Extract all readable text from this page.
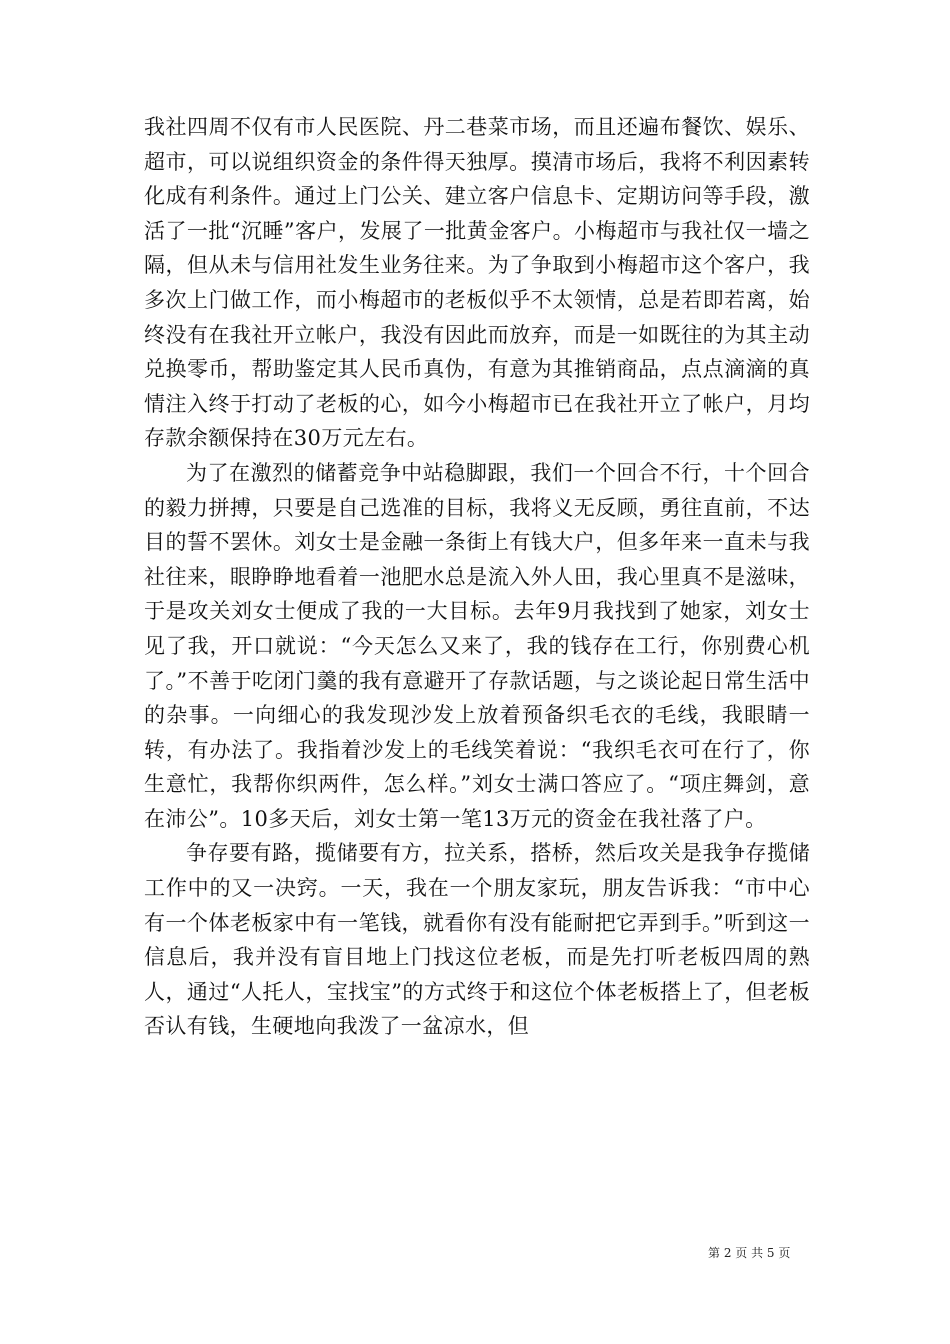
我社四周不仅有市人民医院、丹二巷菜市场，而且还遍布餐饮、娱乐、超市，可以说组织资金的条件得天独厚。摸清市场后，我将不利因素转化成有利条件。通过上门公关、建立客户信息卡、定期访问等手段，激活了一批“沉睡”客户，发展了一批黄金客户。小梅超市与我社仅一墙之隔，但从未与信用社发生业务往来。为了争取到小梅超市这个客户，我多次上门做工作，而小梅超市的老板似乎不太领情，总是若即若离，始终没有在我社开立帐户，我没有因此而放弃，而是一如既往的为其主动兑换零币，帮助鉴定其人民币真伪，有意为其推销商品，点点滴滴的真情注入终于打动了老板的心，如今小梅超市已在我社开立了帐户，月均存款余额保持在30万元左右。

为了在激烈的储蓄竞争中站稳脚跟，我们一个回合不行，十个回合的毅力拼搏，只要是自己选准的目标，我将义无反顾，勇往直前，不达目的誓不罢休。刘女士是金融一条街上有钱大户，但多年来一直未与我社往来，眼睁睁地看着一池肥水总是流入外人田，我心里真不是滋味，于是攻关刘女士便成了我的一大目标。去年9月我找到了她家，刘女士见了我，开口就说：“今天怎么又来了，我的钱存在工行，你别费心机了。”不善于吃闭门羹的我有意避开了存款话题，与之谈论起日常生活中的杂事。一向细心的我发现沙发上放着预备织毛衣的毛线，我眼睛一转，有办法了。我指着沙发上的毛线笑着说：“我织毛衣可在行了，你生意忙，我帮你织两件，怎么样。”刘女士满口答应了。“项庄舞剑，意在沛公”。10多天后，刘女士第一笔13万元的资金在我社落了户。

争存要有路，揽储要有方，拉关系，搭桥，然后攻关是我争存揽储工作中的又一决窍。一天，我在一个朋友家玩，朋友告诉我：“市中心有一个体老板家中有一笔钱，就看你有没有能耐把它弄到手。”听到这一信息后，我并没有盲目地上门找这位老板，而是先打听老板四周的熟人，通过“人托人，宝找宝”的方式终于和这位个体老板搭上了，但老板否认有钱，生硬地向我泼了一盆凉水，但

第 2 页 共 5 页
